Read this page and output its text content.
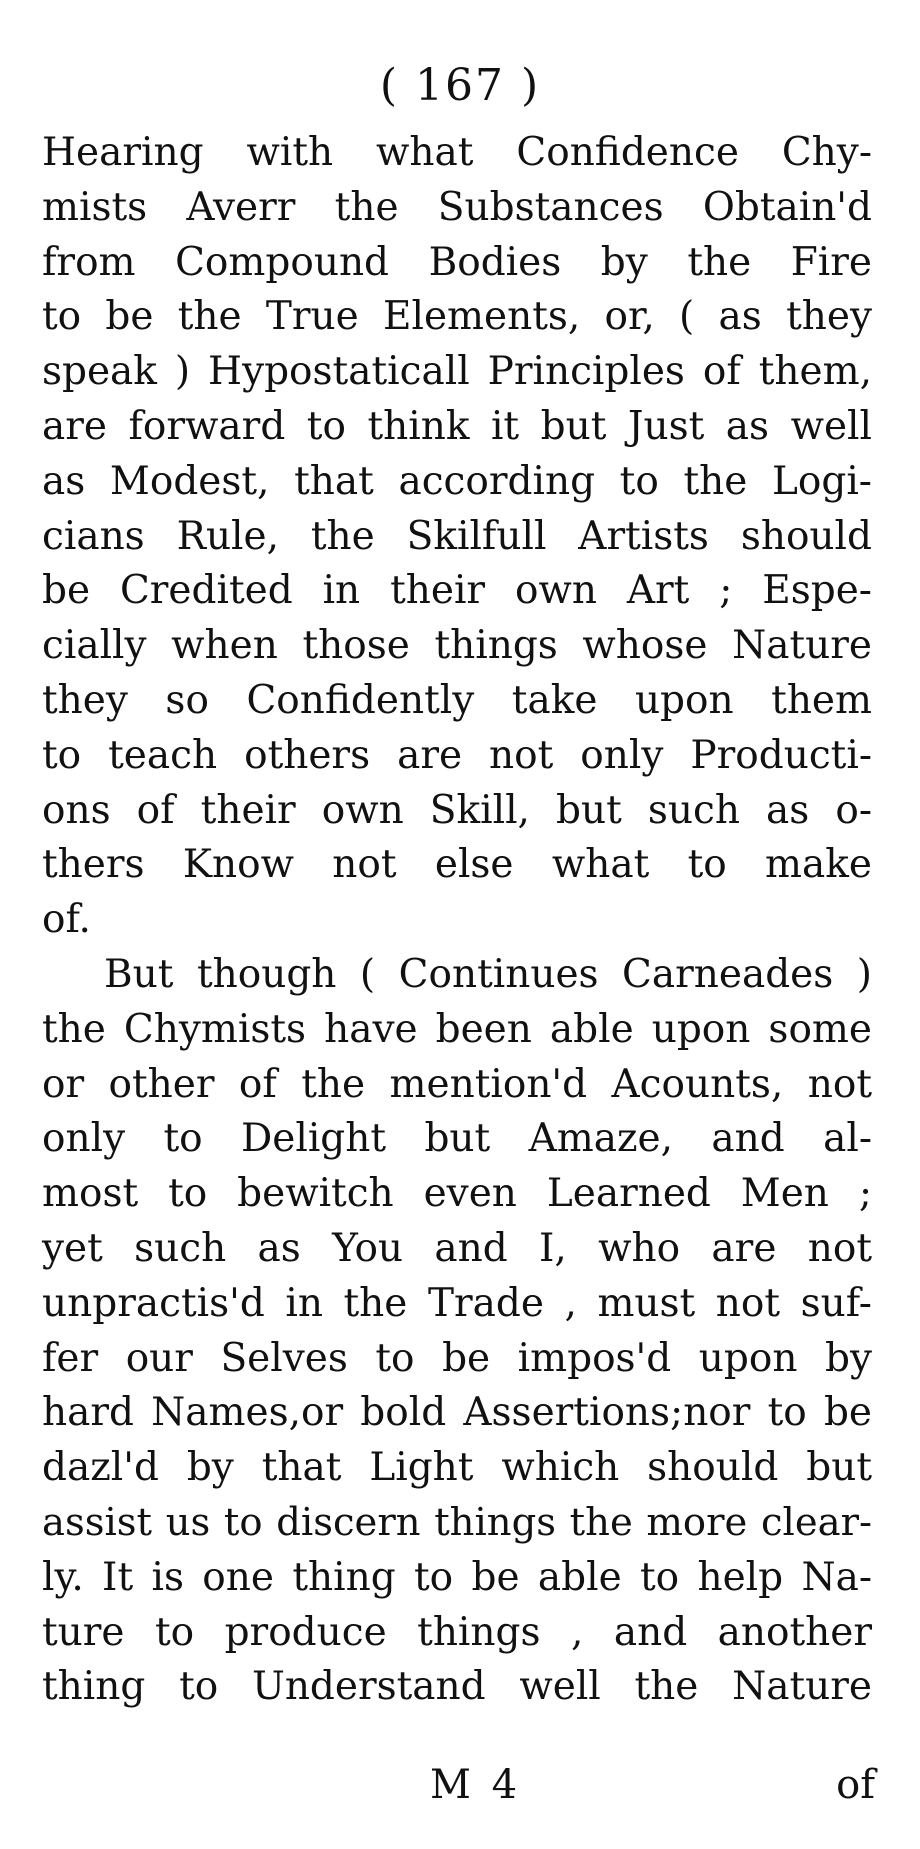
( 167 )
Hearing with what Confidence Chy-
mists Averr the Substances Obtain'd
from Compound Bodies by the Fire
to be the True Elements, or, ( as they
speak ) Hypostaticall Principles of them,
are forward to think it but Just as well
as Modest, that according to the Logi-
cians Rule, the Skilfull Artists should
be Credited in their own Art ; Espe-
cially when those things whose Nature
they so Confidently take upon them
to teach others are not only Producti-
ons of their own Skill, but such as o-
thers Know not else what to make
of.
But though ( Continues Carneades )
the Chymists have been able upon some
or other of the mention'd Acounts, not
only to Delight but Amaze, and al-
most to bewitch even Learned Men ;
yet such as You and I, who are not
unpractis'd in the Trade , must not suf-
fer our Selves to be impos'd upon by
hard Names,or bold Assertions;nor to be
dazl'd by that Light which should but
assist us to discern things the more clear-
ly. It is one thing to be able to help Na-
ture to produce things , and another
thing to Understand well the Nature
M 4	of
